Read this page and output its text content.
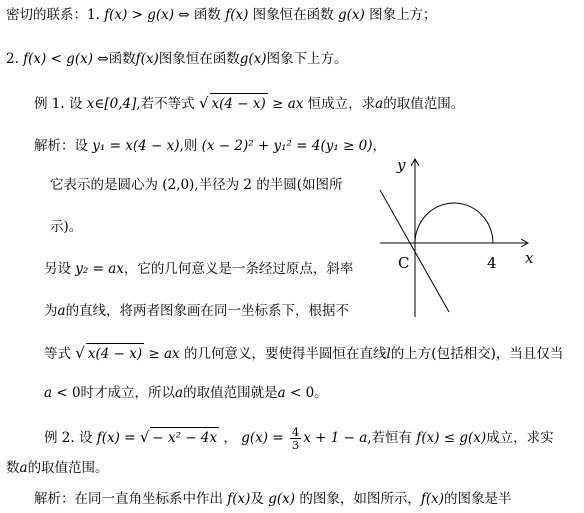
密切的联系：1. f(x) > g(x) ⇔ 函数 f(x) 图象恒在函数 g(x) 图象上方；
2. f(x) < g(x) ⇔函数f(x)图象恒在函数g(x)图象下上方。
例 1. 设 x∈[0,4],若不等式 √ x(4 − x) ≥ ax 恒成立，求a的取值范围。
解析：设 y₁ = x(4 − x),则 (x − 2)² + y₁² = 4(y₁ ≥ 0)，
它表示的是圆心为 (2,0),半径为 2 的半圆(如图所
示)。
另设 y₂ = ax，它的几何意义是一条经过原点，斜率
为a的直线，将两者图象画在同一坐标系下，根据不
等式 √ x(4 − x) ≥ ax 的几何意义，要使得半圆恒在直线l的上方(包括相交)，当且仅当
a < 0时才成立，所以a的取值范围就是a < 0。
例 2. 设 f(x) = √ − x² − 4x ， $g(x) = \frac{4}{3}$ x + 1 − a,若恒有 f(x) ≤ g(x)成立，求实
数a的取值范围。
解析：在同一直角坐标系中作出 f(x)及 g(x) 的图象，如图所示，f(x)的图象是半
y
x
C	4
